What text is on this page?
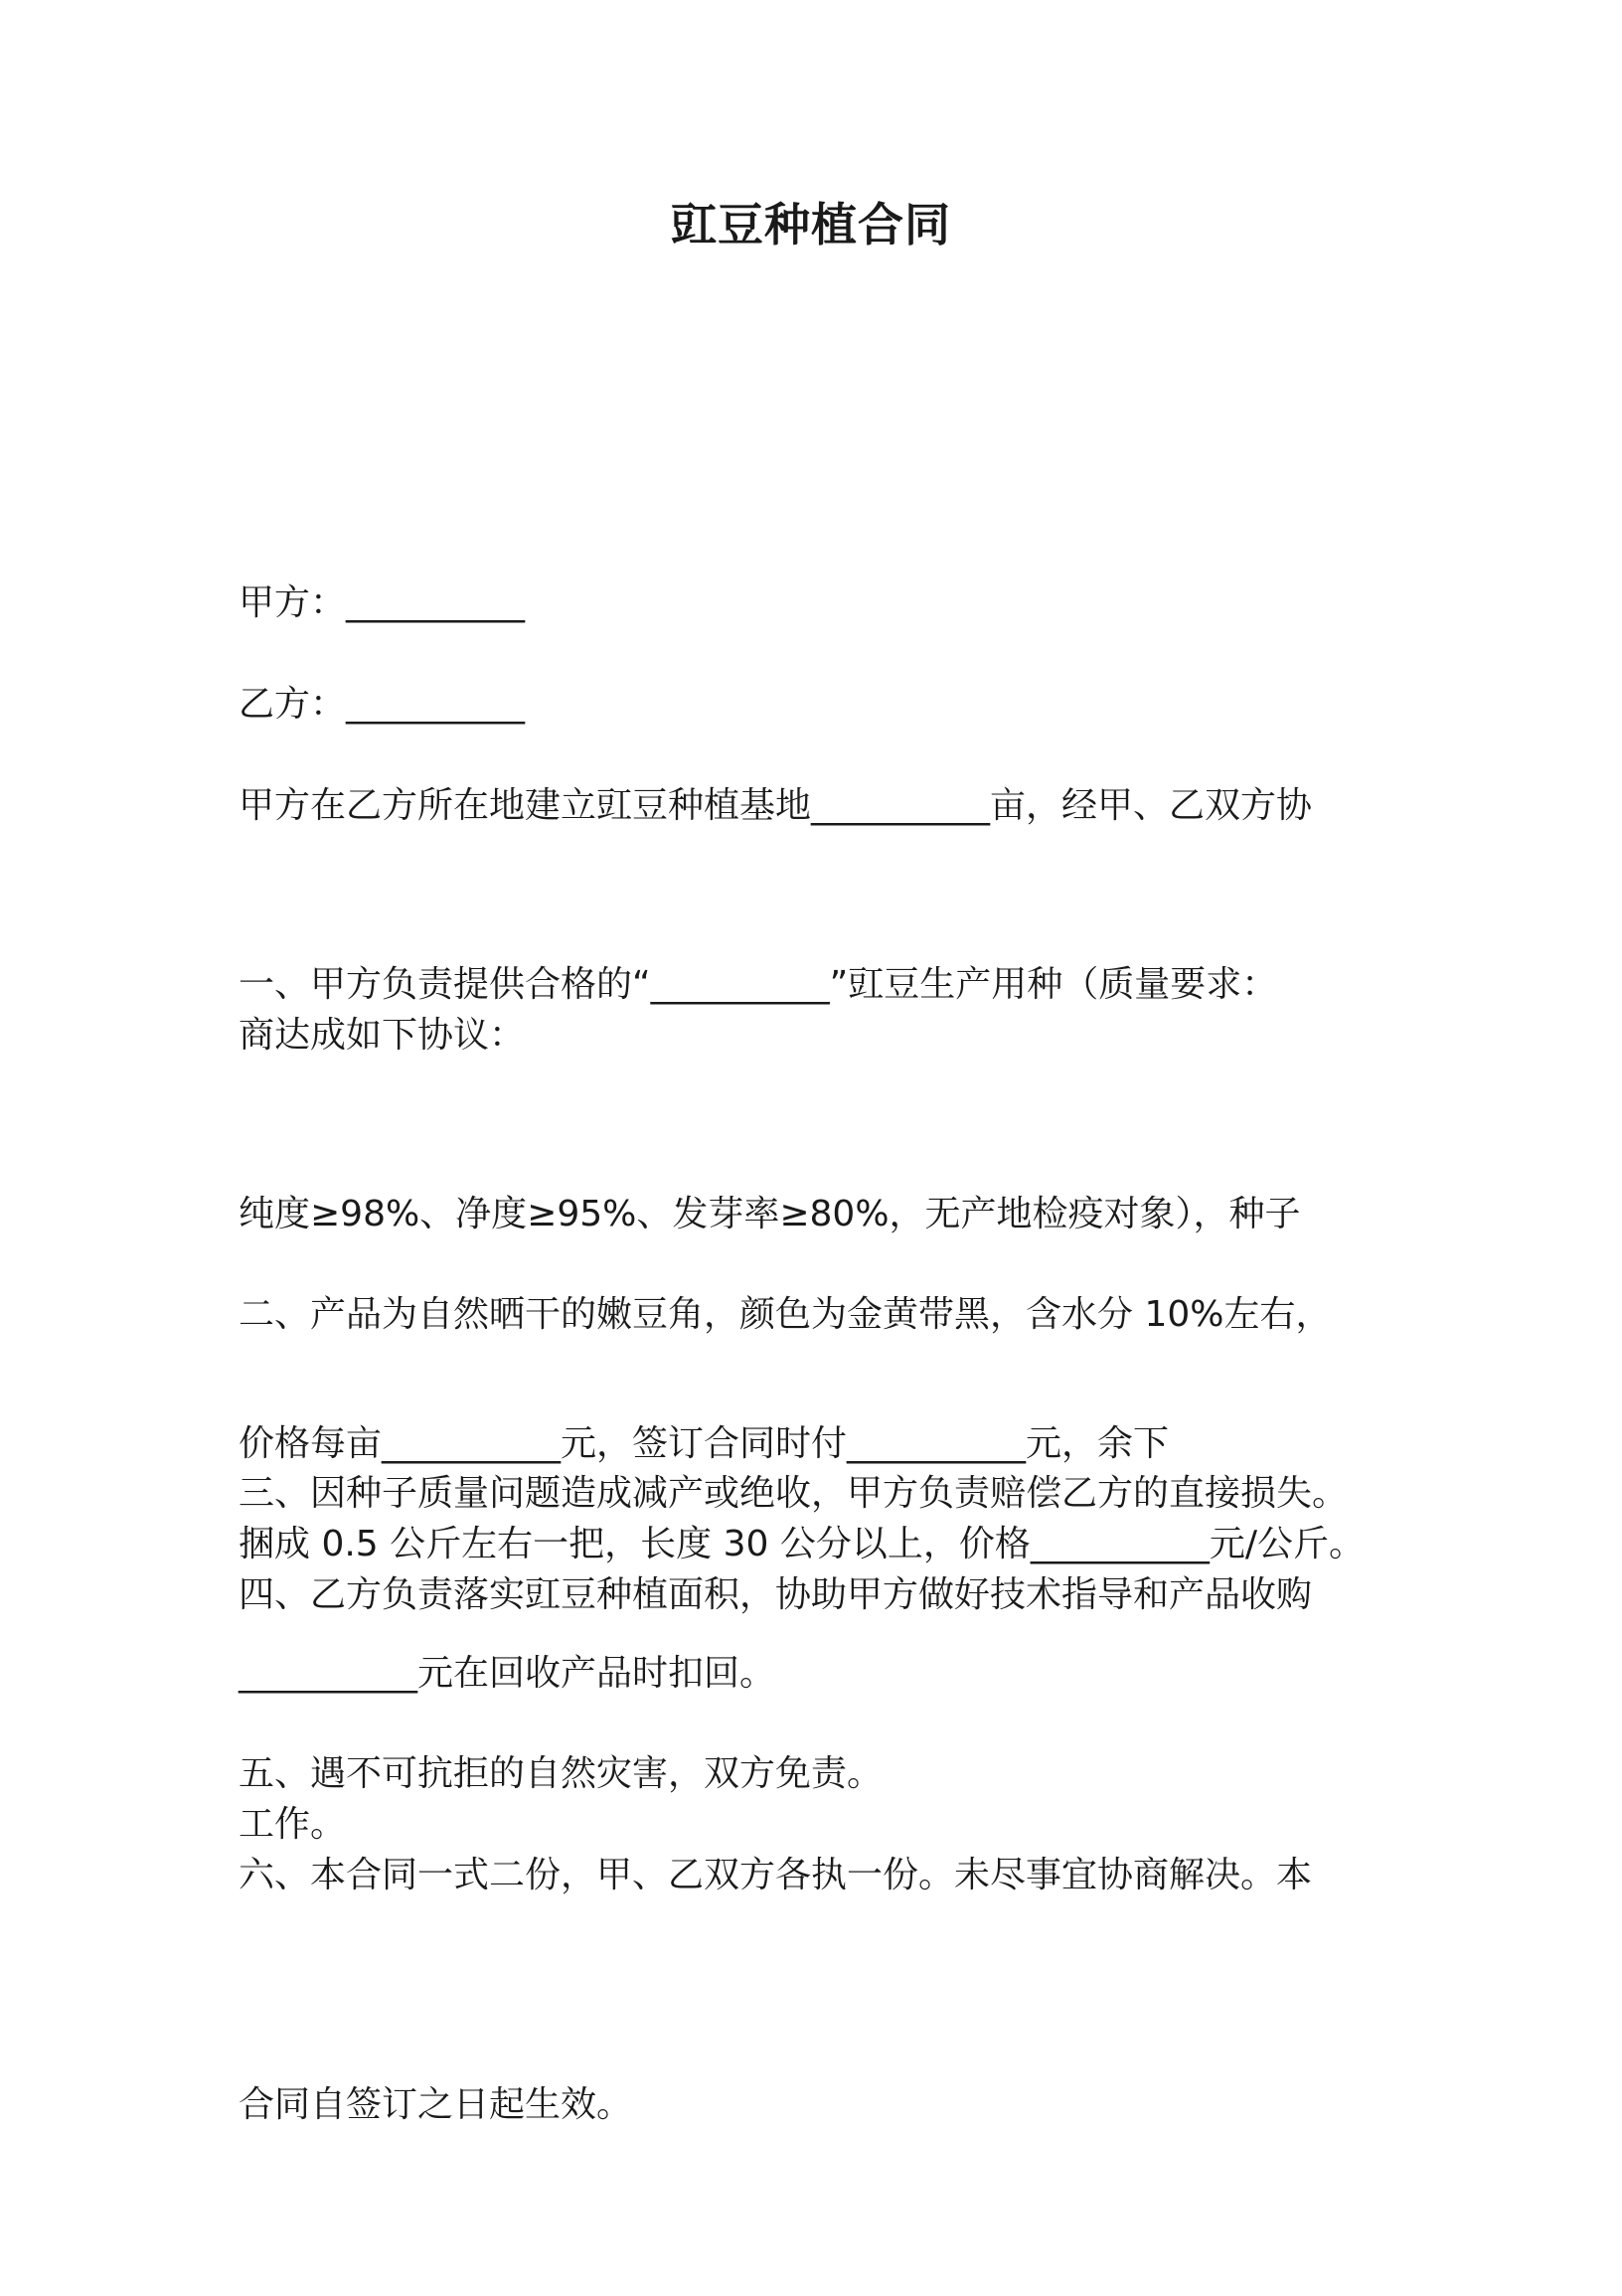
豇豆种植合同

甲方：__________

乙方：__________

甲方在乙方所在地建立豇豆种植基地__________亩，经甲、乙双方协

商达成如下协议：

一、甲方负责提供合格的“__________”豇豆生产用种（质量要求：

纯度≥98%、净度≥95%、发芽率≥80%，无产地检疫对象），种子

价格每亩__________元，签订合同时付__________元，余下

__________元在回收产品时扣回。

二、产品为自然晒干的嫩豆角，颜色为金黄带黑，含水分 10%左右，

捆成 0.5 公斤左右一把，长度 30 公分以上，价格__________元/公斤。

三、因种子质量问题造成减产或绝收，甲方负责赔偿乙方的直接损失。

四、乙方负责落实豇豆种植面积，协助甲方做好技术指导和产品收购

工作。

五、遇不可抗拒的自然灾害，双方免责。

六、本合同一式二份，甲、乙双方各执一份。未尽事宜协商解决。本

合同自签订之日起生效。
